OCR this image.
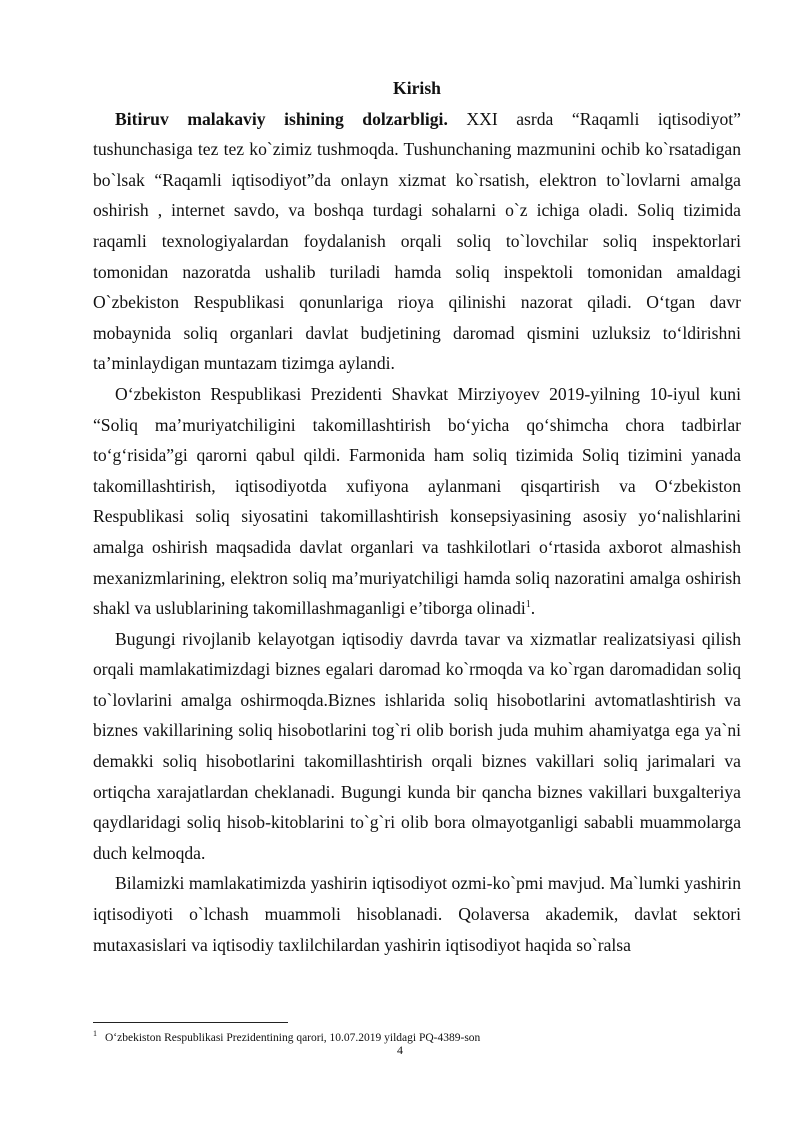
Kirish

Bitiruv malakaviy ishining dolzarbligi. XXI asrda “Raqamli iqtisodiyot” tushunchasiga tez tez ko`zimiz tushmoqda. Tushunchaning mazmunini ochib ko`rsatadigan bo`lsak “Raqamli iqtisodiyot”da onlayn xizmat ko`rsatish, elektron to`lovlarni amalga oshirish , internet savdo, va boshqa turdagi sohalarni o`z ichiga oladi. Soliq tizimida raqamli texnologiyalardan foydalanish orqali soliq to`lovchilar soliq inspektorlari tomonidan nazoratda ushalib turiladi hamda soliq inspektoli tomonidan amaldagi O`zbekiston Respublikasi qonunlariga rioya qilinishi nazorat qiladi. O‘tgan davr mobaynida soliq organlari davlat budjetining daromad qismini uzluksiz to‘ldirishni ta’minlaydigan muntazam tizimga aylandi.

O‘zbekiston Respublikasi Prezidenti Shavkat Mirziyoyev 2019-yilning 10-iyul kuni “Soliq ma’muriyatchiligini takomillashtirish bo‘yicha qo‘shimcha chora tadbirlar to‘g‘risida”gi qarorni qabul qildi. Farmonida ham soliq tizimida Soliq tizimini yanada takomillashtirish, iqtisodiyotda xufiyona aylanmani qisqartirish va O‘zbekiston Respublikasi soliq siyosatini takomillashtirish konsepsiyasining asosiy yo‘nalishlarini amalga oshirish maqsadida davlat organlari va tashkilotlari o‘rtasida axborot almashish mexanizmlarining, elektron soliq ma’muriyatchiligi hamda soliq nazoratini amalga oshirish shakl va uslublarining takomillashmaganligi e’tiborga olinadi$^1$.

Bugungi rivojlanib kelayotgan iqtisodiy davrda tavar va xizmatlar realizatsiyasi qilish orqali mamlakatimizdagi biznes egalari daromad ko`rmoqda va ko`rgan daromadidan soliq to`lovlarini amalga oshirmoqda.Biznes ishlarida soliq hisobotlarini avtomatlashtirish va biznes vakillarining soliq hisobotlarini tog`ri olib borish juda muhim ahamiyatga ega ya`ni demakki soliq hisobotlarini takomillashtirish orqali biznes vakillari soliq jarimalari va ortiqcha xarajatlardan cheklanadi. Bugungi kunda bir qancha biznes vakillari buxgalteriya qaydlaridagi soliq hisob-kitoblarini to`g`ri olib bora olmayotganligi sababli muammolarga duch kelmoqda.

Bilamizki mamlakatimizda yashirin iqtisodiyot ozmi-ko`pmi mavjud. Ma`lumki yashirin iqtisodiyoti o`lchash muammoli hisoblanadi. Qolaversa akademik, davlat sektori mutaxasislari va iqtisodiy taxlilchilardan yashirin iqtisodiyot haqida so`ralsa

$^1$ O‘zbekiston Respublikasi Prezidentining qarori, 10.07.2019 yildagi PQ-4389-son
4
